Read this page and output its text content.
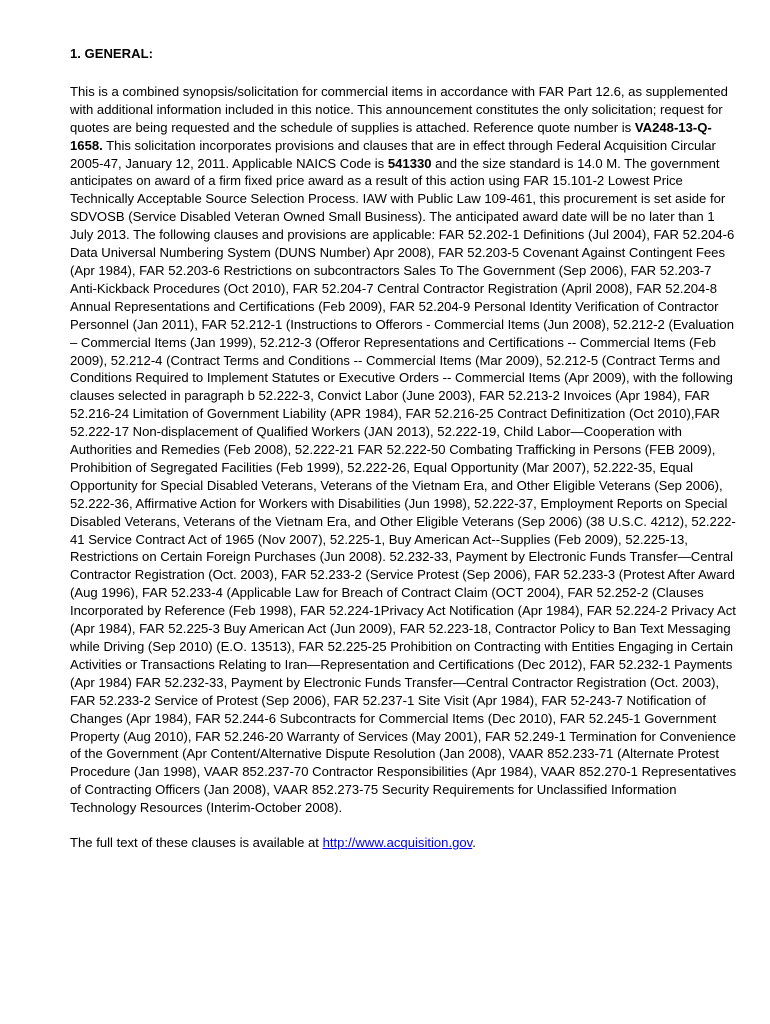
1. GENERAL:

This is a combined synopsis/solicitation for commercial items in accordance with FAR Part 12.6, as supplemented with additional information included in this notice. This announcement constitutes the only solicitation; request for quotes are being requested and the schedule of supplies is attached. Reference quote number is VA248-13-Q-1658. This solicitation incorporates provisions and clauses that are in effect through Federal Acquisition Circular 2005-47, January 12, 2011. Applicable NAICS Code is 541330 and the size standard is 14.0 M. The government anticipates on award of a firm fixed price award as a result of this action using FAR 15.101-2 Lowest Price Technically Acceptable Source Selection Process. IAW with Public Law 109-461, this procurement is set aside for SDVOSB (Service Disabled Veteran Owned Small Business). The anticipated award date will be no later than 1 July 2013. The following clauses and provisions are applicable: FAR 52.202-1 Definitions (Jul 2004), FAR 52.204-6 Data Universal Numbering System (DUNS Number) Apr 2008), FAR 52.203-5 Covenant Against Contingent Fees (Apr 1984), FAR 52.203-6 Restrictions on subcontractors Sales To The Government (Sep 2006), FAR 52.203-7 Anti-Kickback Procedures (Oct 2010), FAR 52.204-7 Central Contractor Registration (April 2008), FAR 52.204-8 Annual Representations and Certifications (Feb 2009), FAR 52.204-9 Personal Identity Verification of Contractor Personnel (Jan 2011), FAR 52.212-1 (Instructions to Offerors - Commercial Items (Jun 2008), 52.212-2 (Evaluation – Commercial Items (Jan 1999), 52.212-3 (Offeror Representations and Certifications -- Commercial Items (Feb 2009), 52.212-4 (Contract Terms and Conditions -- Commercial Items (Mar 2009), 52.212-5 (Contract Terms and Conditions Required to Implement Statutes or Executive Orders -- Commercial Items (Apr 2009), with the following clauses selected in paragraph b 52.222-3, Convict Labor (June 2003), FAR 52.213-2 Invoices (Apr 1984), FAR 52.216-24 Limitation of Government Liability (APR 1984), FAR 52.216-25 Contract Definitization (Oct 2010),FAR 52.222-17 Non-displacement of Qualified Workers (JAN 2013), 52.222-19, Child Labor—Cooperation with Authorities and Remedies (Feb 2008), 52.222-21 FAR 52.222-50 Combating Trafficking in Persons (FEB 2009), Prohibition of Segregated Facilities (Feb 1999), 52.222-26, Equal Opportunity (Mar 2007), 52.222-35, Equal Opportunity for Special Disabled Veterans, Veterans of the Vietnam Era, and Other Eligible Veterans (Sep 2006), 52.222-36, Affirmative Action for Workers with Disabilities (Jun 1998), 52.222-37, Employment Reports on Special Disabled Veterans, Veterans of the Vietnam Era, and Other Eligible Veterans (Sep 2006) (38 U.S.C. 4212), 52.222-41 Service Contract Act of 1965 (Nov 2007), 52.225-1, Buy American Act--Supplies (Feb 2009), 52.225-13, Restrictions on Certain Foreign Purchases (Jun 2008). 52.232-33, Payment by Electronic Funds Transfer—Central Contractor Registration (Oct. 2003), FAR 52.233-2 (Service Protest (Sep 2006), FAR 52.233-3 (Protest After Award (Aug 1996), FAR 52.233-4 (Applicable Law for Breach of Contract Claim (OCT 2004), FAR 52.252-2 (Clauses Incorporated by Reference (Feb 1998), FAR 52.224-1Privacy Act Notification (Apr 1984), FAR 52.224-2 Privacy Act (Apr 1984), FAR 52.225-3 Buy American Act (Jun 2009), FAR 52.223-18, Contractor Policy to Ban Text Messaging while Driving (Sep 2010) (E.O. 13513), FAR 52.225-25 Prohibition on Contracting with Entities Engaging in Certain Activities or Transactions Relating to Iran—Representation and Certifications (Dec 2012), FAR 52.232-1 Payments (Apr 1984) FAR 52.232-33, Payment by Electronic Funds Transfer—Central Contractor Registration (Oct. 2003), FAR 52.233-2 Service of Protest (Sep 2006), FAR 52.237-1 Site Visit (Apr 1984), FAR 52-243-7 Notification of Changes (Apr 1984), FAR 52.244-6 Subcontracts for Commercial Items (Dec 2010), FAR 52.245-1 Government Property (Aug 2010), FAR 52.246-20 Warranty of Services (May 2001), FAR 52.249-1 Termination for Convenience of the Government (Apr Content/Alternative Dispute Resolution (Jan 2008), VAAR 852.233-71 (Alternate Protest Procedure (Jan 1998), VAAR 852.237-70 Contractor Responsibilities (Apr 1984), VAAR 852.270-1 Representatives of Contracting Officers (Jan 2008), VAAR 852.273-75 Security Requirements for Unclassified Information Technology Resources (Interim-October 2008).

The full text of these clauses is available at http://www.acquisition.gov.
